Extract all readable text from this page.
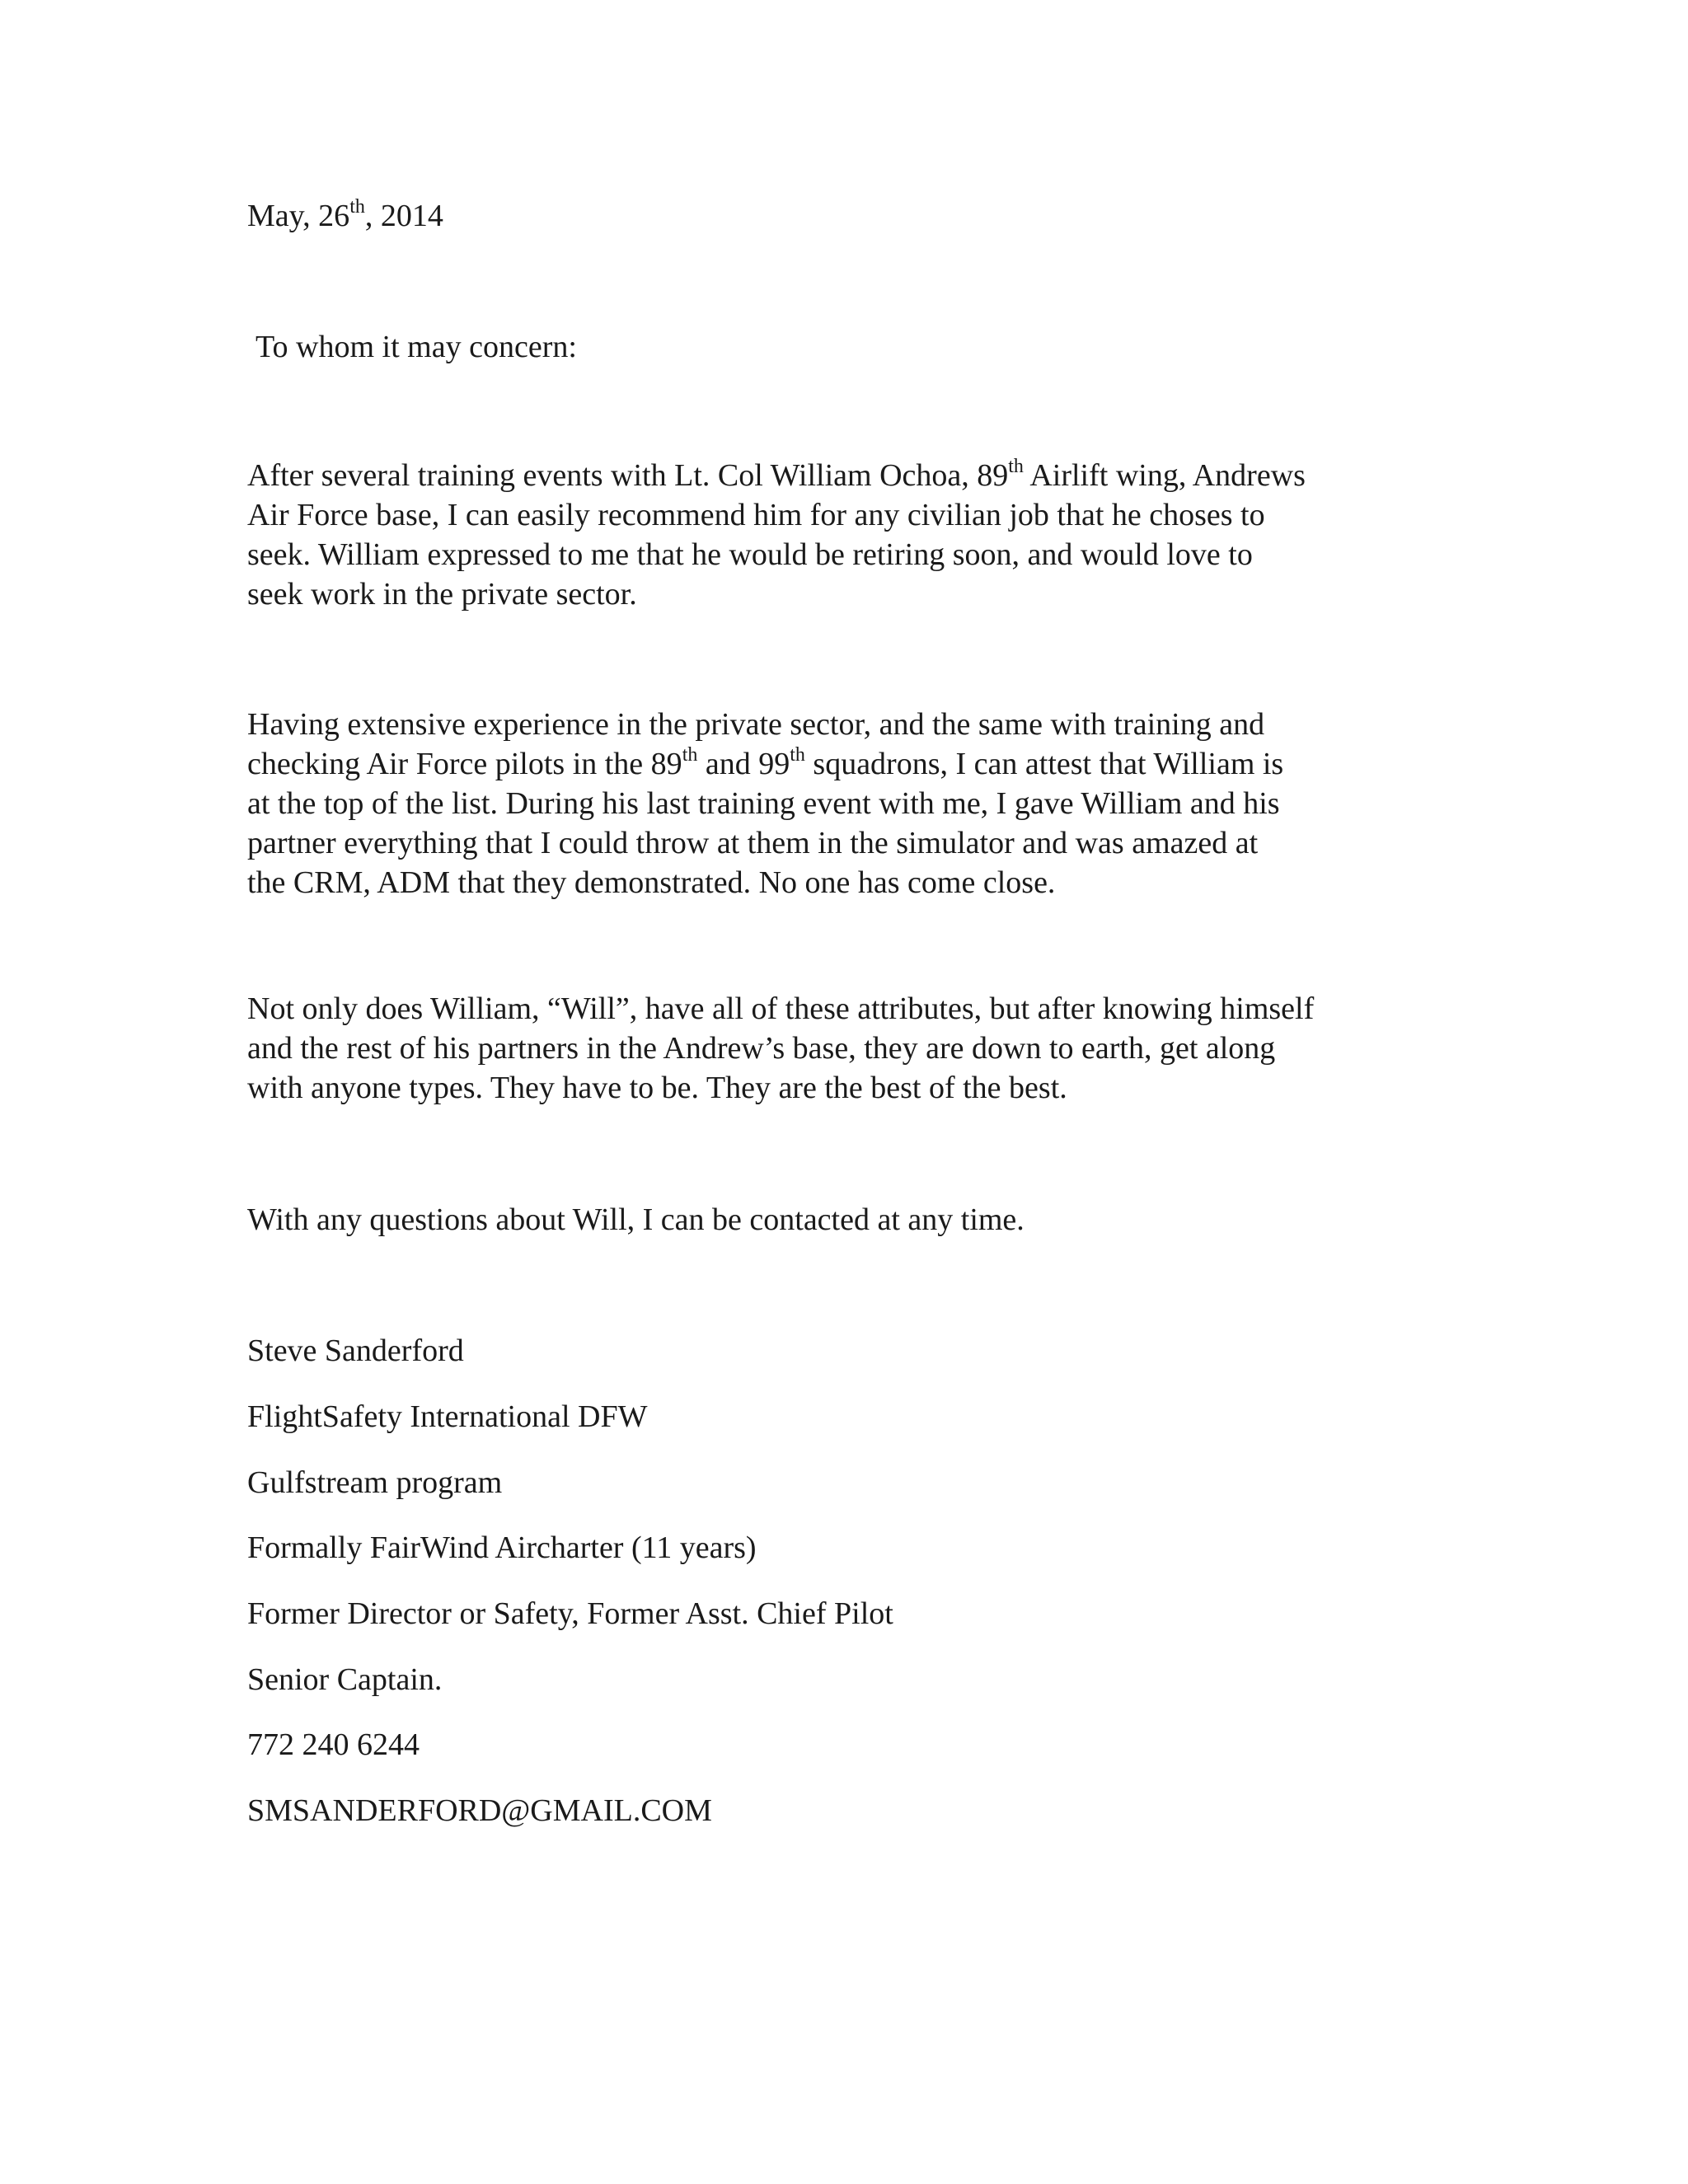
May, 26th, 2014
To whom it may concern:
After several training events with Lt. Col William Ochoa, 89th Airlift wing, Andrews
Air Force base, I can easily recommend him for any civilian job that he choses to
seek. William expressed to me that he would be retiring soon, and would love to
seek work in the private sector.
Having extensive experience in the private sector, and the same with training and
checking Air Force pilots in the 89th and 99th squadrons, I can attest that William is
at the top of the list. During his last training event with me, I gave William and his
partner everything that I could throw at them in the simulator and was amazed at
the CRM, ADM that they demonstrated. No one has come close.
Not only does William, “Will”, have all of these attributes, but after knowing himself
and the rest of his partners in the Andrew’s base, they are down to earth, get along
with anyone types. They have to be. They are the best of the best.
With any questions about Will, I can be contacted at any time.
Steve Sanderford
FlightSafety International DFW
Gulfstream program
Formally FairWind Aircharter (11 years)
Former Director or Safety, Former Asst. Chief Pilot
Senior Captain.
772 240 6244
SMSANDERFORD@GMAIL.COM
